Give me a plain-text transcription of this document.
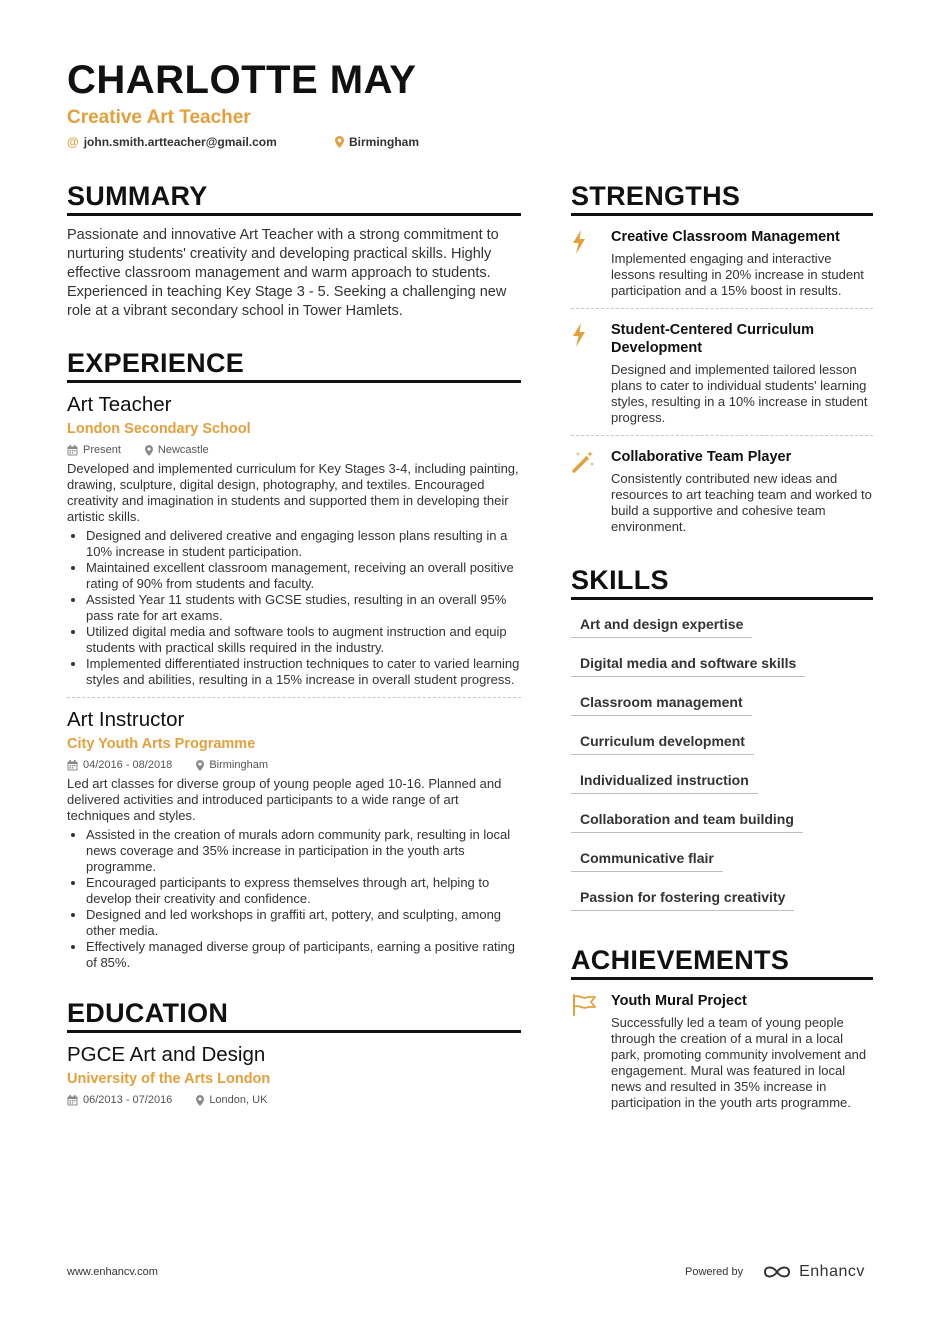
CHARLOTTE MAY
Creative Art Teacher
@ john.smith.artteacher@gmail.com	Birmingham
SUMMARY
Passionate and innovative Art Teacher with a strong commitment to nurturing students' creativity and developing practical skills. Highly effective classroom management and warm approach to students. Experienced in teaching Key Stage 3 - 5. Seeking a challenging new role at a vibrant secondary school in Tower Hamlets.
EXPERIENCE
Art Teacher
London Secondary School
Present	Newcastle
Developed and implemented curriculum for Key Stages 3-4, including painting, drawing, sculpture, digital design, photography, and textiles. Encouraged creativity and imagination in students and supported them in developing their artistic skills.
• Designed and delivered creative and engaging lesson plans resulting in a 10% increase in student participation.
• Maintained excellent classroom management, receiving an overall positive rating of 90% from students and faculty.
• Assisted Year 11 students with GCSE studies, resulting in an overall 95% pass rate for art exams.
• Utilized digital media and software tools to augment instruction and equip students with practical skills required in the industry.
• Implemented differentiated instruction techniques to cater to varied learning styles and abilities, resulting in a 15% increase in overall student progress.
Art Instructor
City Youth Arts Programme
04/2016 - 08/2018	Birmingham
Led art classes for diverse group of young people aged 10-16. Planned and delivered activities and introduced participants to a wide range of art techniques and styles.
• Assisted in the creation of murals adorn community park, resulting in local news coverage and 35% increase in participation in the youth arts programme.
• Encouraged participants to express themselves through art, helping to develop their creativity and confidence.
• Designed and led workshops in graffiti art, pottery, and sculpting, among other media.
• Effectively managed diverse group of participants, earning a positive rating of 85%.
EDUCATION
PGCE Art and Design
University of the Arts London
06/2013 - 07/2016	London, UK
STRENGTHS
Creative Classroom Management
Implemented engaging and interactive lessons resulting in 20% increase in student participation and a 15% boost in results.
Student-Centered Curriculum Development
Designed and implemented tailored lesson plans to cater to individual students' learning styles, resulting in a 10% increase in student progress.
Collaborative Team Player
Consistently contributed new ideas and resources to art teaching team and worked to build a supportive and cohesive team environment.
SKILLS
Art and design expertise
Digital media and software skills
Classroom management
Curriculum development
Individualized instruction
Collaboration and team building
Communicative flair
Passion for fostering creativity
ACHIEVEMENTS
Youth Mural Project
Successfully led a team of young people through the creation of a mural in a local park, promoting community involvement and engagement. Mural was featured in local news and resulted in 35% increase in participation in the youth arts programme.
www.enhancv.com	Powered by	Enhancv
